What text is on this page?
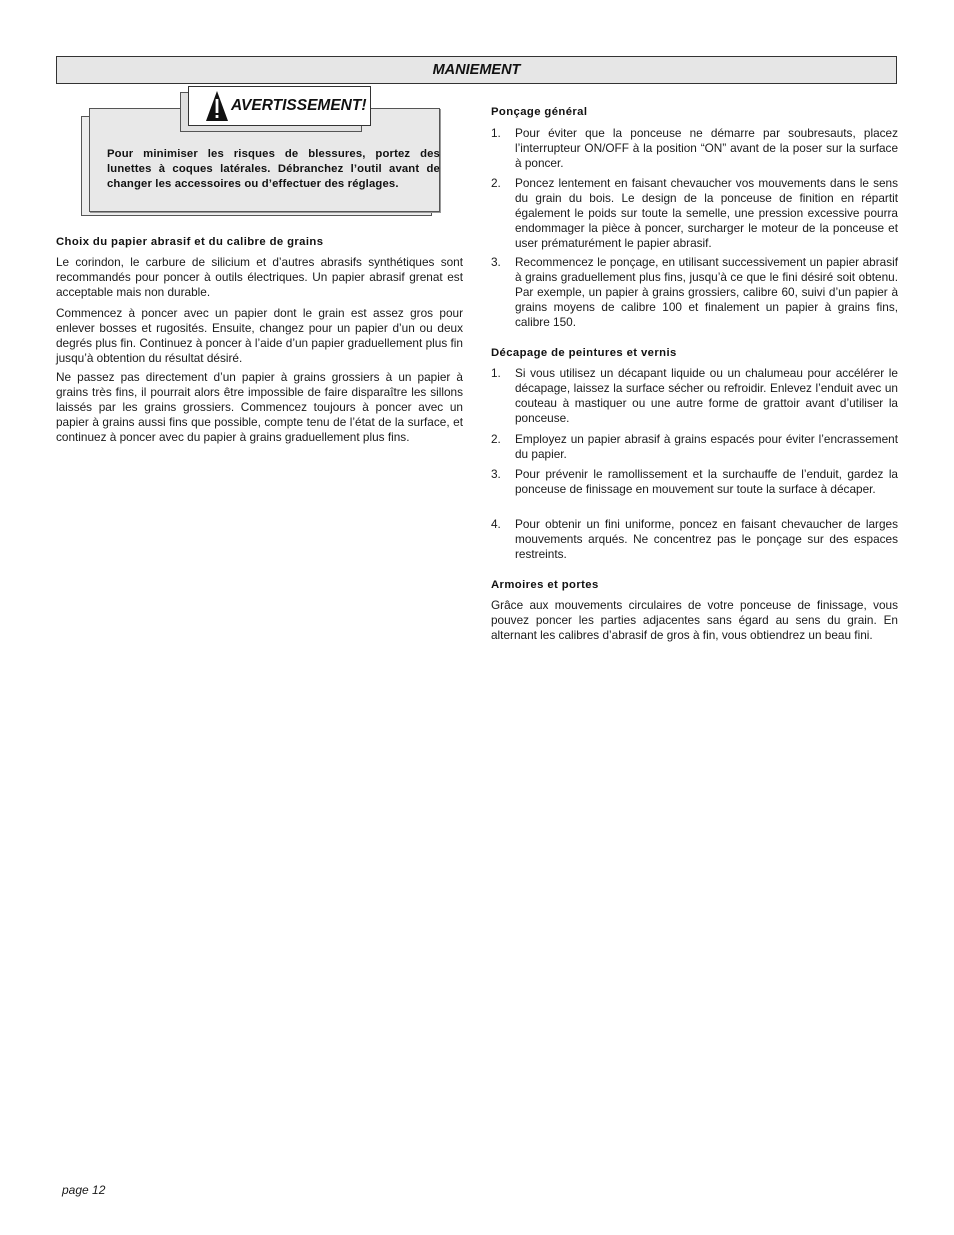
MANIEMENT
AVERTISSEMENT!
Pour minimiser les risques de blessures, portez des lunettes à coques latérales. Débranchez l’outil avant de changer les accessoires ou d’effectuer des réglages.
Choix du papier abrasif et du calibre de grains

Le corindon, le carbure de silicium et d’autres abrasifs synthétiques sont recommandés pour poncer à outils électriques. Un papier abrasif grenat est acceptable mais non durable.

Commencez à poncer avec un papier dont le grain est assez gros pour enlever bosses et rugosités. Ensuite, changez pour un papier d’un ou deux degrés plus fin. Continuez à poncer à l’aide d’un papier graduellement plus fin jusqu’à obtention du résultat désiré.

Ne passez pas directement d’un papier à grains grossiers à un papier à grains très fins, il pourrait alors être impossible de faire disparaître les sillons laissés par les grains grossiers. Commencez toujours à poncer avec un papier à grains aussi fins que possible, compte tenu de l’état de la surface, et continuez à poncer avec du papier à grains graduellement plus fins.

Ponçage général
1. Pour éviter que la ponceuse ne démarre par soubresauts, placez l’interrupteur ON/OFF à la position “ON” avant de la poser sur la surface à poncer.
2. Poncez lentement en faisant chevaucher vos mouvements dans le sens du grain du bois. Le design de la ponceuse de finition en répartit également le poids sur toute la semelle, une pression excessive pourra endommager la pièce à poncer, surcharger le moteur de la ponceuse et user prématurément le papier abrasif.
3. Recommencez le ponçage, en utilisant successivement un papier abrasif à grains graduellement plus fins, jusqu’à ce que le fini désiré soit obtenu. Par exemple, un papier à grains grossiers, calibre 60, suivi d’un papier à grains moyens de calibre 100 et finalement un papier à grains fins, calibre 150.
Décapage de peintures et vernis
1. Si vous utilisez un décapant liquide ou un chalumeau pour accélérer le décapage, laissez la surface sécher ou refroidir. Enlevez l’enduit avec un couteau à mastiquer ou une autre forme de grattoir avant d’utiliser la ponceuse.
2. Employez un papier abrasif à grains espacés pour éviter l’encrassement du papier.
3. Pour prévenir le ramollissement et la surchauffe de l’enduit, gardez la ponceuse de finissage en mouvement sur toute la surface à décaper.
4. Pour obtenir un fini uniforme, poncez en faisant chevaucher de larges mouvements arqués. Ne concentrez pas le ponçage sur des espaces restreints.
Armoires et portes

Grâce aux mouvements circulaires de votre ponceuse de finissage, vous pouvez poncer les parties adjacentes sans égard au sens du grain. En alternant les calibres d’abrasif de gros à fin, vous obtiendrez un beau fini.

page 12
